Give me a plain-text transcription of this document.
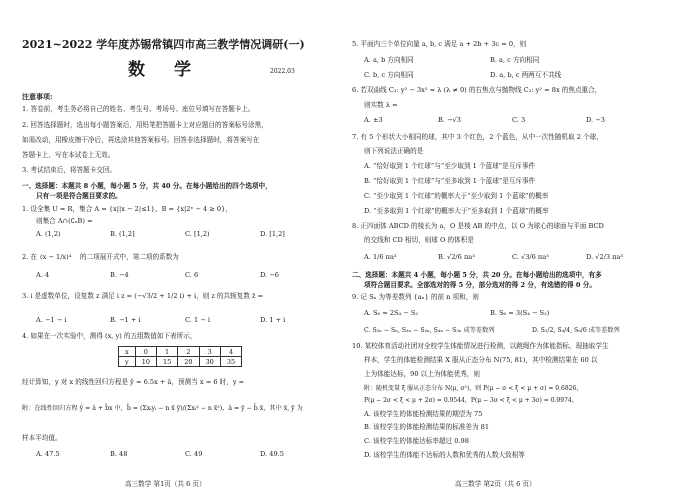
2021~2022 学年度苏锡常镇四市高三教学情况调研(一)
数　学	2022.03
注意事项:
1. 答卷前，考生务必将自己的姓名、考生号、考场号、座位号填写在答题卡上。
2. 回答选择题时，选出每小题答案后，用铅笔把答题卡上对应题目的答案标号涂黑，
如需改动，用橡皮擦干净后，再选涂其他答案标号。回答非选择题时，将答案写在
答题卡上，写在本试卷上无效。
3. 考试结束后，将答题卡交回。
一、选择题：本题共 8 小题，每小题 5 分，共 40 分。在每小题给出的四个选项中，
只有一项是符合题目要求的。
1. 设全集 U = R，集合 A = {x||x − 2|≤1}，B = {x|2ˣ − 4 ≥ 0}，
则集合 A∩(∁ᵤB) =
A. (1,2)	B. (1,2]	C. [1,2)	D. [1,2]
2. 在 (x − 1/x)⁴ 的二项展开式中，第二项的系数为
A. 4	B. −4	C. 6	D. −6
3. i 是虚数单位，设复数 z 满足 i z = (−√3/2 + 1/2 i) + i，则 z 的共轭复数 z̄ =
A. −1 − i	B. −1 + i	C. 1 − i	D. 1 + i
4. 如果在一次实验中，测得 (x, y) 的五组数值如下表所示，
x	0	1	2	3	4
y	10	15	20	30	35
经计算知，y 对 x 的线性回归方程是 ŷ = 6.5x + â，预测当 x = 6 时，y =
附：在线性回归方程 ŷ = â + b̂x 中，b̂ = (Σxᵢyᵢ − n x̄ ȳ)/(Σxᵢ² − n x̄²)，â = ȳ − b̂ x̄，其中 x̄, ȳ 为
样本平均值。
A. 47.5	B. 48	C. 49	D. 49.5
高三数学 第1页（共 6 页）
5. 平面内三个单位向量 a, b, c 满足 a + 2b + 3c = 0，则
A. a, b 方向相同	B. a, c 方向相同
C. b, c 方向相同	D. a, b, c 两两互不共线
6. 若双曲线 C₁: y² − 3x² = λ (λ ≠ 0) 的右焦点与抛物线 C₂: y² = 8x 的焦点重合，
则实数 λ =
A. ±3	B. −√3	C. 3	D. −3
7. 有 5 个形状大小相同的球，其中 3 个红色，2 个蓝色，从中一次性随机取 2 个球，
则下列说法正确的是
A. “恰好取到 1 个红球”与“至少取到 1 个蓝球”是互斥事件
B. “恰好取到 1 个红球”与“至多取到 1 个蓝球”是互斥事件
C. “至少取到 1 个红球”的概率大于“至少取到 1 个蓝球”的概率
D. “至多取到 1 个红球”的概率大于“至多取到 1 个蓝球”的概率
8. 正四面体 ABCD 的棱长为 a，O 是棱 AB 的中点，以 O 为球心的球面与平面 BCD
的交线和 CD 相切，则球 O 的体积是
A. 1/6 πa³	B. √2/6 πa³	C. √3/6 πa³	D. √2/3 πa³
二、选择题：本题共 4 小题，每小题 5 分，共 20 分。在每小题给出的选项中，有多
项符合题目要求。全部选对的得 5 分，部分选对的得 2 分，有选错的得 0 分。
9. 记 Sₙ 为等差数列 {aₙ} 的前 n 项和，则
A. S₆ = 2S₄ − S₂	B. S₆ = 3(S₄ − S₂)
C. S₂ₙ − Sₙ, S₃ₙ − S₂ₙ, S₄ₙ − S₃ₙ 成等差数列	D. S₂/2, S₄/4, S₆/6 成等差数列
10. 某校体育活动社团对全校学生体能情况进行检测，以跳绳作为体能指标，现抽取学生
样本，学生的体能检测结果 X 服从正态分布 N(75, 81)，其中检测结果在 60 以
上为体能达标，90 以上为体能优秀，则
附：随机变量 ξ 服从正态分布 N(μ, σ²)，则 P(μ − σ < ξ < μ + σ) = 0.6826，
P(μ − 2σ < ξ < μ + 2σ) = 0.9544，P(μ − 3σ < ξ < μ + 3σ) = 0.9974。
A. 该校学生的体能检测结果的期望为 75
B. 该校学生的体能检测结果的标准差为 81
C. 该校学生的体能达标率超过 0.98
D. 该校学生的体能不达标的人数和优秀的人数大致相等
高三数学 第2页（共 6 页）
